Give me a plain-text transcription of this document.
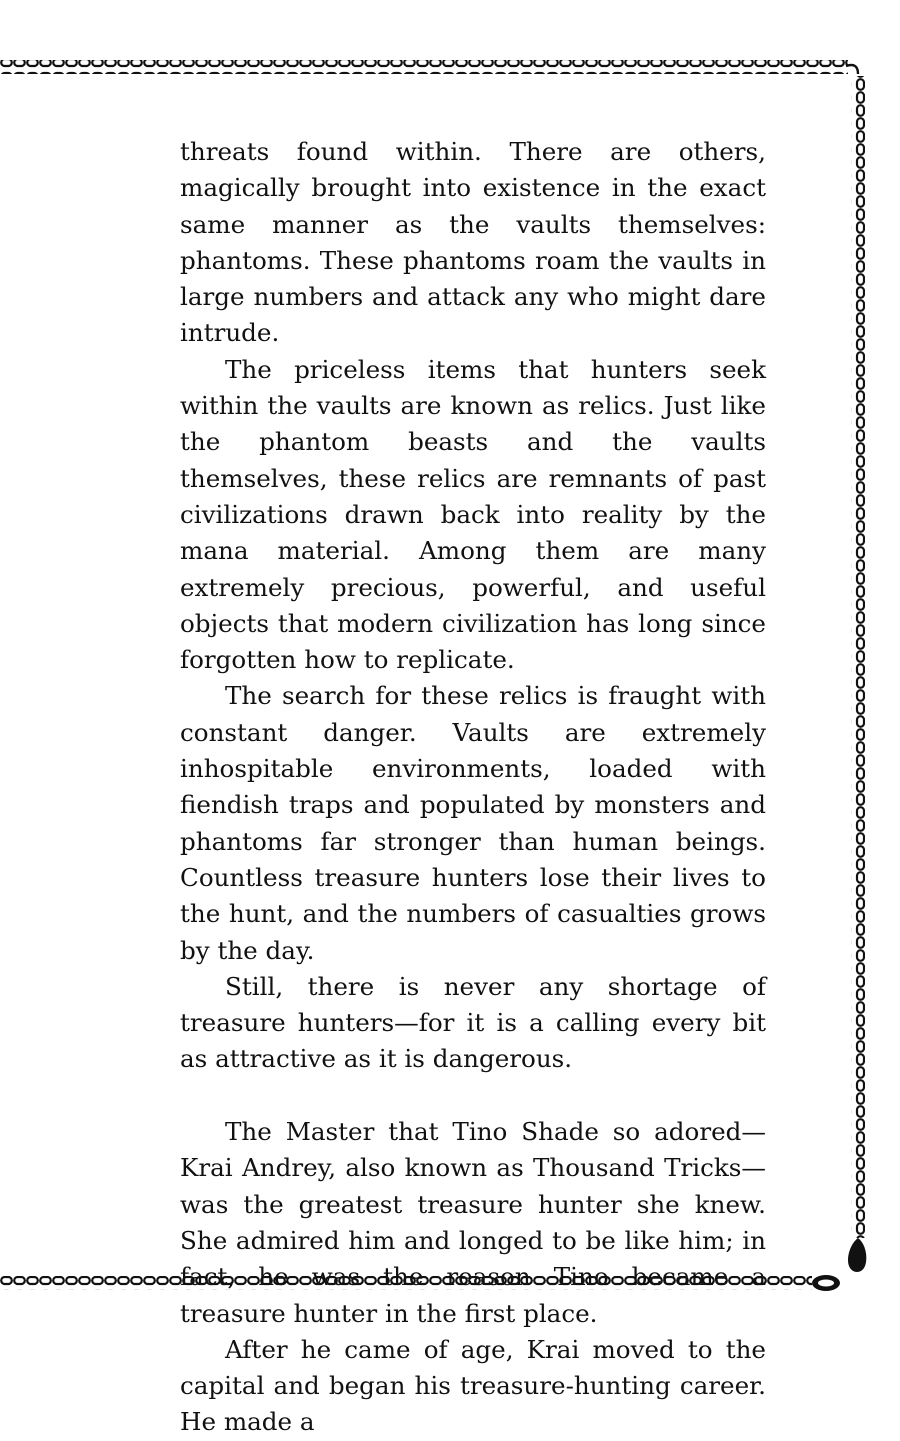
threats found within. There are others, magically brought into existence in the exact same manner as the vaults themselves: phantoms. These phantoms roam the vaults in large numbers and attack any who might dare intrude.

The priceless items that hunters seek within the vaults are known as relics. Just like the phantom beasts and the vaults themselves, these relics are remnants of past civilizations drawn back into reality by the mana material. Among them are many extremely precious, powerful, and useful objects that modern civilization has long since forgotten how to replicate.

The search for these relics is fraught with constant danger. Vaults are extremely inhospitable environments, loaded with fiendish traps and populated by monsters and phantoms far stronger than human beings. Countless treasure hunters lose their lives to the hunt, and the numbers of casualties grows by the day.

Still, there is never any shortage of treasure hunters—for it is a calling every bit as attractive as it is dangerous.

The Master that Tino Shade so adored—Krai Andrey, also known as Thousand Tricks—was the greatest treasure hunter she knew. She admired him and longed to be like him; in fact, he was the reason Tino became a treasure hunter in the first place.

After he came of age, Krai moved to the capital and began his treasure-hunting career. He made a
